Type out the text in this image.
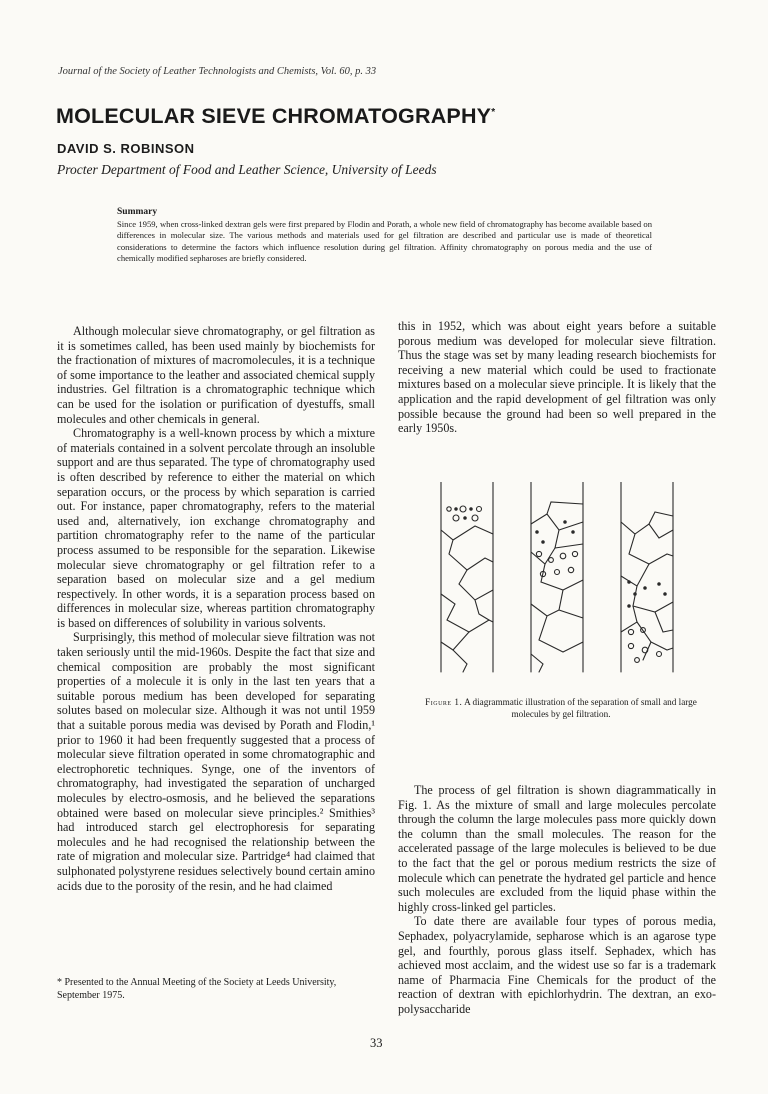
Journal of the Society of Leather Technologists and Chemists, Vol. 60, p. 33
MOLECULAR SIEVE CHROMATOGRAPHY*
DAVID S. ROBINSON
Procter Department of Food and Leather Science, University of Leeds
Summary
Since 1959, when cross-linked dextran gels were first prepared by Flodin and Porath, a whole new field of chromatography has become available based on differences in molecular size. The various methods and materials used for gel filtration are described and particular use is made of theoretical considerations to determine the factors which influence resolution during gel filtration. Affinity chromatography on porous media and the use of chemically modified sepharoses are briefly considered.

Although molecular sieve chromatography, or gel filtration as it is sometimes called, has been used mainly by biochemists for the fractionation of mixtures of macromolecules, it is a technique of some importance to the leather and associated chemical supply industries. Gel filtration is a chromatographic technique which can be used for the isolation or purification of dyestuffs, small molecules and other chemicals in general.

Chromatography is a well-known process by which a mixture of materials contained in a solvent percolate through an insoluble support and are thus separated. The type of chromatography used is often described by reference to either the material on which separation occurs, or the process by which separation is carried out. For instance, paper chromatography, refers to the material used and, alternatively, ion exchange chromatography and partition chromatography refer to the name of the particular process assumed to be responsible for the separation. Likewise molecular sieve chromatography or gel filtration refer to a separation based on molecular size and a gel medium respectively. In other words, it is a separation process based on differences in molecular size, whereas partition chromatography is based on differences of solubility in various solvents.

Surprisingly, this method of molecular sieve filtration was not taken seriously until the mid-1960s. Despite the fact that size and chemical composition are probably the most significant properties of a molecule it is only in the last ten years that a suitable porous medium has been developed for separating solutes based on molecular size. Although it was not until 1959 that a suitable porous media was devised by Porath and Flodin,¹ prior to 1960 it had been frequently suggested that a process of molecular sieve filtration operated in some chromatographic and electrophoretic techniques. Synge, one of the inventors of chromatography, had investigated the separation of uncharged molecules by electro-osmosis, and he believed the separations obtained were based on molecular sieve principles.² Smithies³ had introduced starch gel electrophoresis for separating molecules and he had recognised the relationship between the rate of migration and molecular size. Partridge⁴ had claimed that sulphonated polystyrene residues selectively bound certain amino acids due to the porosity of the resin, and he had claimed

this in 1952, which was about eight years before a suitable porous medium was developed for molecular sieve filtration. Thus the stage was set by many leading research biochemists for receiving a new material which could be used to fractionate mixtures based on a molecular sieve principle. It is likely that the application and the rapid development of gel filtration was only possible because the ground had been so well prepared in the early 1950s.

Figure 1. A diagrammatic illustration of the separation of small and large molecules by gel filtration.

The process of gel filtration is shown diagrammatically in Fig. 1. As the mixture of small and large molecules percolate through the column the large molecules pass more quickly down the column than the small molecules. The reason for the accelerated passage of the large molecules is believed to be due to the fact that the gel or porous medium restricts the size of molecule which can penetrate the hydrated gel particle and hence such molecules are excluded from the liquid phase within the highly cross-linked gel particles.

To date there are available four types of porous media, Sephadex, polyacrylamide, sepharose which is an agarose type gel, and fourthly, porous glass itself. Sephadex, which has achieved most acclaim, and the widest use so far is a trademark name of Pharmacia Fine Chemicals for the product of the reaction of dextran with epichlorhydrin. The dextran, an exo-polysaccharide

* Presented to the Annual Meeting of the Society at Leeds University, September 1975.
33
